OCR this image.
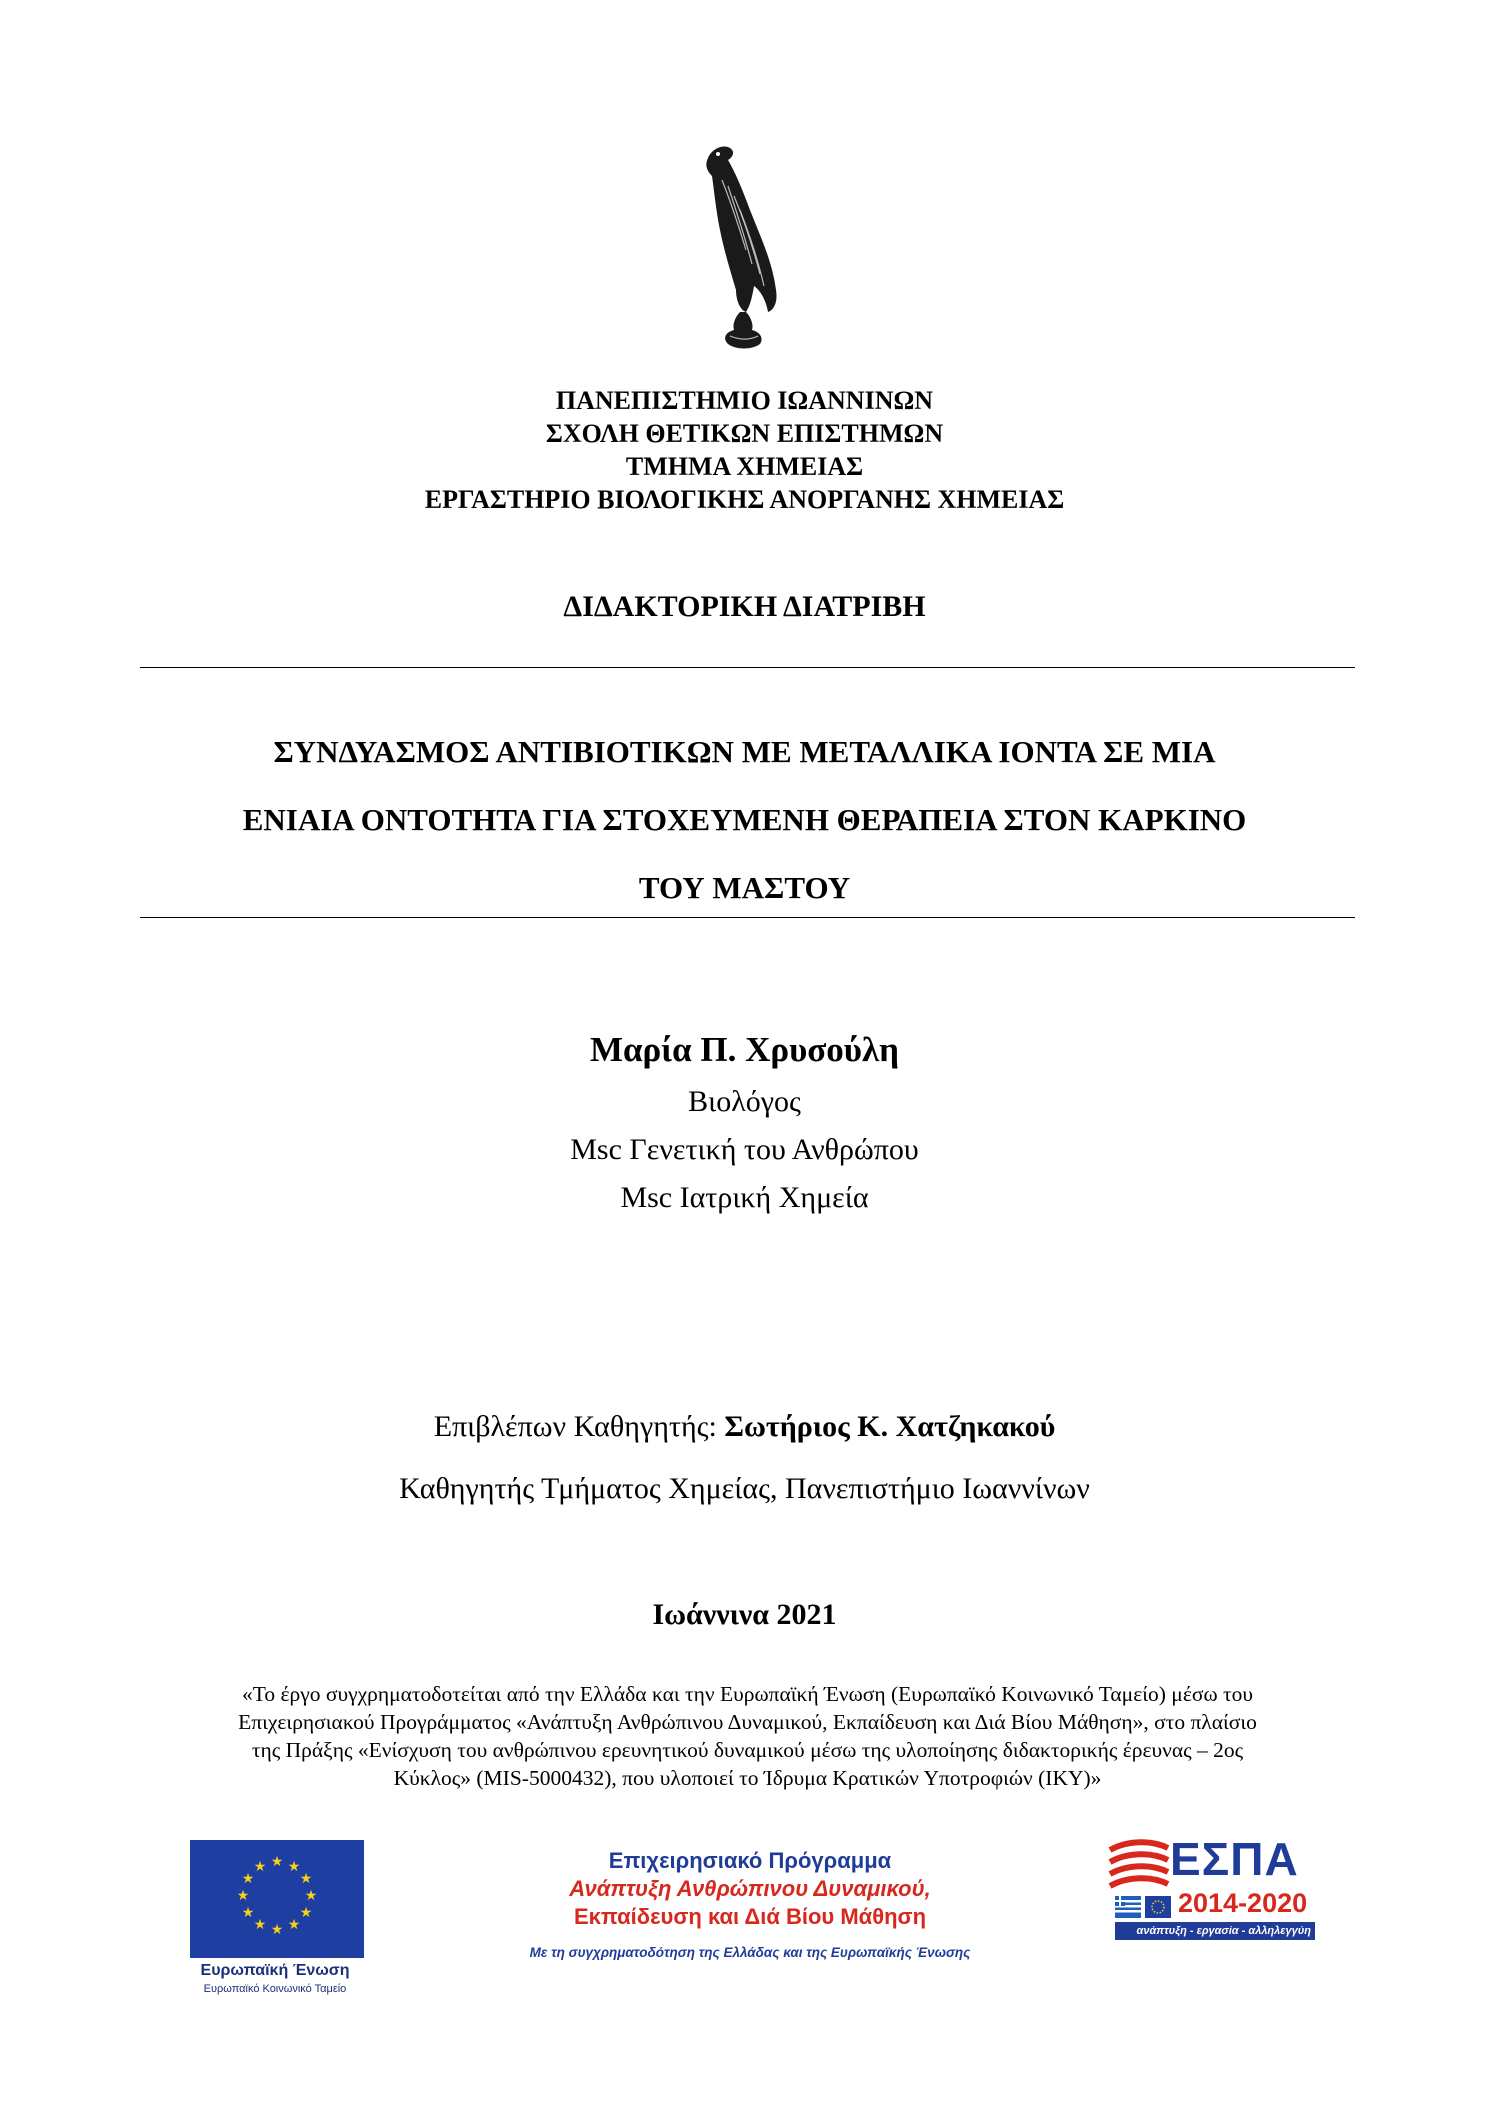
ΠΑΝΕΠΙΣΤΗΜΙΟ ΙΩΑΝΝΙΝΩΝ
ΣΧΟΛΗ ΘΕΤΙΚΩΝ ΕΠΙΣΤΗΜΩΝ
ΤΜΗΜΑ ΧΗΜΕΙΑΣ
ΕΡΓΑΣΤΗΡΙΟ ΒΙΟΛΟΓΙΚΗΣ ΑΝΟΡΓΑΝΗΣ ΧΗΜΕΙΑΣ
ΔΙΔΑΚΤΟΡΙΚΗ ΔΙΑΤΡΙΒΗ
ΣΥΝΔΥΑΣΜΟΣ ΑΝΤΙΒΙΟΤΙΚΩΝ ΜΕ ΜΕΤΑΛΛΙΚΑ ΙΟΝΤΑ ΣΕ ΜΙΑ
ΕΝΙΑΙΑ ΟΝΤΟΤΗΤΑ ΓΙΑ ΣΤΟΧΕΥΜΕΝΗ ΘΕΡΑΠΕΙΑ ΣΤΟΝ ΚΑΡΚΙΝΟ
ΤΟΥ ΜΑΣΤΟΥ
Μαρία Π. Χρυσούλη
Βιολόγος
Msc Γενετική του Ανθρώπου
Msc Ιατρική Χημεία
Επιβλέπων Καθηγητής: Σωτήριος Κ. Χατζηκακού
Καθηγητής Τμήματος Χημείας, Πανεπιστήμιο Ιωαννίνων
Ιωάννινα 2021
«Το έργο συγχρηματοδοτείται από την Ελλάδα και την Ευρωπαϊκή Ένωση (Ευρωπαϊκό Κοινωνικό Ταμείο) μέσω του
Επιχειρησιακού Προγράμματος «Ανάπτυξη Ανθρώπινου Δυναμικού, Εκπαίδευση και Διά Βίου Μάθηση», στο πλαίσιο
της Πράξης «Ενίσχυση του ανθρώπινου ερευνητικού δυναμικού μέσω της υλοποίησης διδακτορικής έρευνας – 2ος
Κύκλος» (MIS-5000432), που υλοποιεί το Ίδρυμα Κρατικών Υποτροφιών (ΙΚΥ)»
★ ★
★
★
★
★
★
★
★
★
★
★
Ευρωπαϊκή Ένωση
Ευρωπαϊκό Κοινωνικό Ταμείο
Επιχειρησιακό Πρόγραμμα
Ανάπτυξη Ανθρώπινου Δυναμικού,
Εκπαίδευση και Διά Βίου Μάθηση
Με τη συγχρηματοδότηση της Ελλάδας και της Ευρωπαϊκής Ένωσης
ΕΣΠΑ
2014-2020
ανάπτυξη - εργασία - αλληλεγγύη
